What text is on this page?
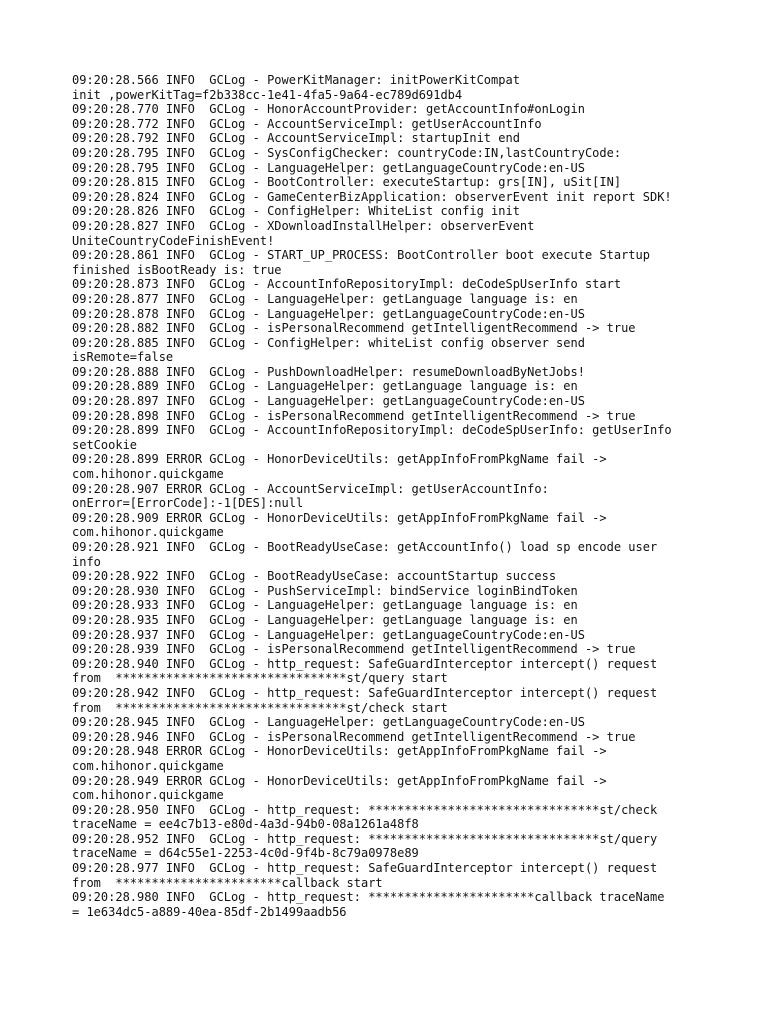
09:20:28.566 INFO  GCLog - PowerKitManager: initPowerKitCompat
init ,powerKitTag=f2b338cc-1e41-4fa5-9a64-ec789d691db4
09:20:28.770 INFO  GCLog - HonorAccountProvider: getAccountInfo#onLogin
09:20:28.772 INFO  GCLog - AccountServiceImpl: getUserAccountInfo
09:20:28.792 INFO  GCLog - AccountServiceImpl: startupInit end
09:20:28.795 INFO  GCLog - SysConfigChecker: countryCode:IN,lastCountryCode:
09:20:28.795 INFO  GCLog - LanguageHelper: getLanguageCountryCode:en-US
09:20:28.815 INFO  GCLog - BootController: executeStartup: grs[IN], uSit[IN]
09:20:28.824 INFO  GCLog - GameCenterBizApplication: observerEvent init report SDK!
09:20:28.826 INFO  GCLog - ConfigHelper: WhiteList config init
09:20:28.827 INFO  GCLog - XDownloadInstallHelper: observerEvent
UniteCountryCodeFinishEvent!
09:20:28.861 INFO  GCLog - START_UP_PROCESS: BootController boot execute Startup
finished isBootReady is: true
09:20:28.873 INFO  GCLog - AccountInfoRepositoryImpl: deCodeSpUserInfo start
09:20:28.877 INFO  GCLog - LanguageHelper: getLanguage language is: en
09:20:28.878 INFO  GCLog - LanguageHelper: getLanguageCountryCode:en-US
09:20:28.882 INFO  GCLog - isPersonalRecommend getIntelligentRecommend -> true
09:20:28.885 INFO  GCLog - ConfigHelper: whiteList config observer send
isRemote=false
09:20:28.888 INFO  GCLog - PushDownloadHelper: resumeDownloadByNetJobs!
09:20:28.889 INFO  GCLog - LanguageHelper: getLanguage language is: en
09:20:28.897 INFO  GCLog - LanguageHelper: getLanguageCountryCode:en-US
09:20:28.898 INFO  GCLog - isPersonalRecommend getIntelligentRecommend -> true
09:20:28.899 INFO  GCLog - AccountInfoRepositoryImpl: deCodeSpUserInfo: getUserInfo
setCookie
09:20:28.899 ERROR GCLog - HonorDeviceUtils: getAppInfoFromPkgName fail ->
com.hihonor.quickgame
09:20:28.907 ERROR GCLog - AccountServiceImpl: getUserAccountInfo:
onError=[ErrorCode]:-1[DES]:null
09:20:28.909 ERROR GCLog - HonorDeviceUtils: getAppInfoFromPkgName fail ->
com.hihonor.quickgame
09:20:28.921 INFO  GCLog - BootReadyUseCase: getAccountInfo() load sp encode user
info
09:20:28.922 INFO  GCLog - BootReadyUseCase: accountStartup success
09:20:28.930 INFO  GCLog - PushServiceImpl: bindService loginBindToken
09:20:28.933 INFO  GCLog - LanguageHelper: getLanguage language is: en
09:20:28.935 INFO  GCLog - LanguageHelper: getLanguage language is: en
09:20:28.937 INFO  GCLog - LanguageHelper: getLanguageCountryCode:en-US
09:20:28.939 INFO  GCLog - isPersonalRecommend getIntelligentRecommend -> true
09:20:28.940 INFO  GCLog - http_request: SafeGuardInterceptor intercept() request
from  ********************************st/query start
09:20:28.942 INFO  GCLog - http_request: SafeGuardInterceptor intercept() request
from  ********************************st/check start
09:20:28.945 INFO  GCLog - LanguageHelper: getLanguageCountryCode:en-US
09:20:28.946 INFO  GCLog - isPersonalRecommend getIntelligentRecommend -> true
09:20:28.948 ERROR GCLog - HonorDeviceUtils: getAppInfoFromPkgName fail ->
com.hihonor.quickgame
09:20:28.949 ERROR GCLog - HonorDeviceUtils: getAppInfoFromPkgName fail ->
com.hihonor.quickgame
09:20:28.950 INFO  GCLog - http_request: ********************************st/check
traceName = ee4c7b13-e80d-4a3d-94b0-08a1261a48f8
09:20:28.952 INFO  GCLog - http_request: ********************************st/query
traceName = d64c55e1-2253-4c0d-9f4b-8c79a0978e89
09:20:28.977 INFO  GCLog - http_request: SafeGuardInterceptor intercept() request
from  ***********************callback start
09:20:28.980 INFO  GCLog - http_request: ***********************callback traceName
= 1e634dc5-a889-40ea-85df-2b1499aadb56
